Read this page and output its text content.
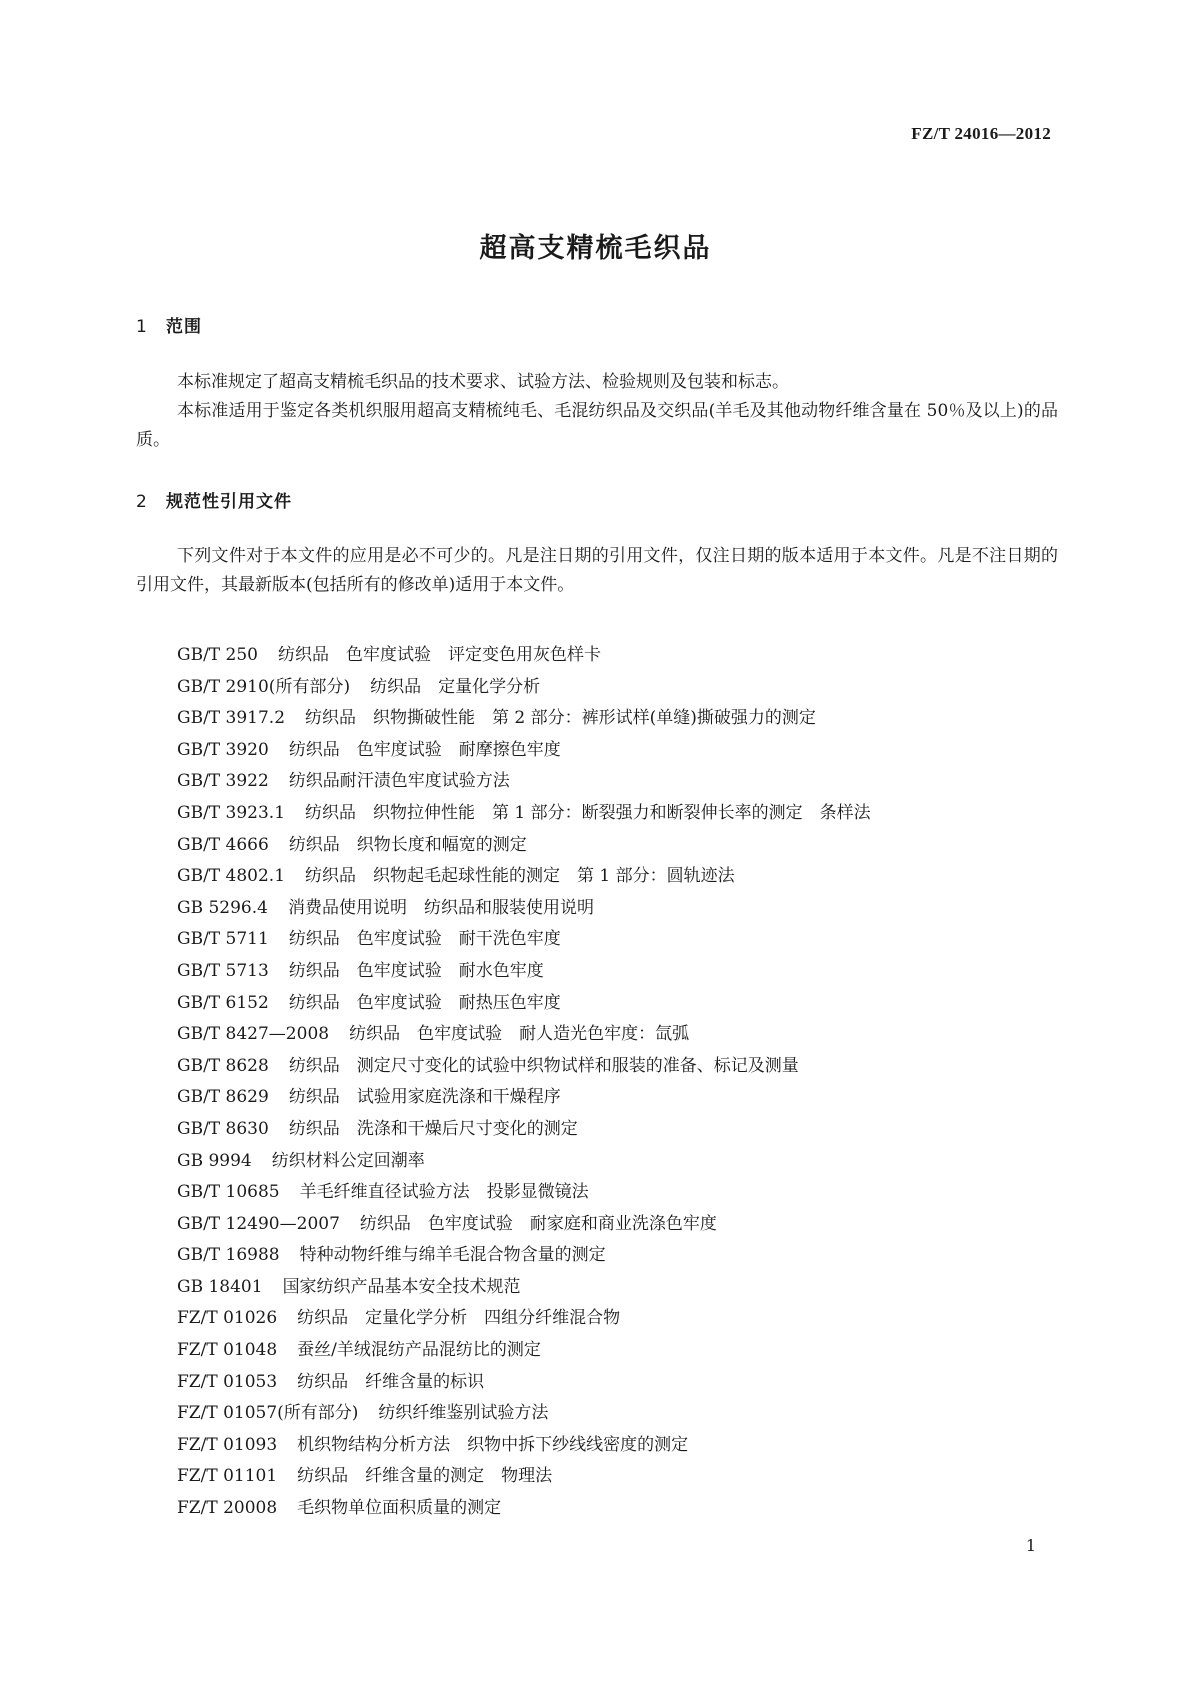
FZ/T 24016—2012
超高支精梳毛织品
1 范围

本标准规定了超高支精梳毛织品的技术要求、试验方法、检验规则及包装和标志。

本标准适用于鉴定各类机织服用超高支精梳纯毛、毛混纺织品及交织品(羊毛及其他动物纤维含量在 50％及以上)的品质。

2 规范性引用文件

下列文件对于本文件的应用是必不可少的。凡是注日期的引用文件，仅注日期的版本适用于本文件。凡是不注日期的引用文件，其最新版本(包括所有的修改单)适用于本文件。

GB/T 250 纺织品　色牢度试验　评定变色用灰色样卡
GB/T 2910(所有部分) 纺织品　定量化学分析
GB/T 3917.2 纺织品　织物撕破性能　第 2 部分：裤形试样(单缝)撕破强力的测定
GB/T 3920 纺织品　色牢度试验　耐摩擦色牢度
GB/T 3922 纺织品耐汗渍色牢度试验方法
GB/T 3923.1 纺织品　织物拉伸性能　第 1 部分：断裂强力和断裂伸长率的测定　条样法
GB/T 4666 纺织品　织物长度和幅宽的测定
GB/T 4802.1 纺织品　织物起毛起球性能的测定　第 1 部分：圆轨迹法
GB 5296.4 消费品使用说明　纺织品和服装使用说明
GB/T 5711 纺织品　色牢度试验　耐干洗色牢度
GB/T 5713 纺织品　色牢度试验　耐水色牢度
GB/T 6152 纺织品　色牢度试验　耐热压色牢度
GB/T 8427—2008 纺织品　色牢度试验　耐人造光色牢度：氙弧
GB/T 8628 纺织品　测定尺寸变化的试验中织物试样和服装的准备、标记及测量
GB/T 8629 纺织品　试验用家庭洗涤和干燥程序
GB/T 8630 纺织品　洗涤和干燥后尺寸变化的测定
GB 9994 纺织材料公定回潮率
GB/T 10685 羊毛纤维直径试验方法　投影显微镜法
GB/T 12490—2007 纺织品　色牢度试验　耐家庭和商业洗涤色牢度
GB/T 16988 特种动物纤维与绵羊毛混合物含量的测定
GB 18401 国家纺织产品基本安全技术规范
FZ/T 01026 纺织品　定量化学分析　四组分纤维混合物
FZ/T 01048 蚕丝/羊绒混纺产品混纺比的测定
FZ/T 01053 纺织品　纤维含量的标识
FZ/T 01057(所有部分) 纺织纤维鉴别试验方法
FZ/T 01093 机织物结构分析方法　织物中拆下纱线线密度的测定
FZ/T 01101 纺织品　纤维含量的测定　物理法
FZ/T 20008 毛织物单位面积质量的测定
1
